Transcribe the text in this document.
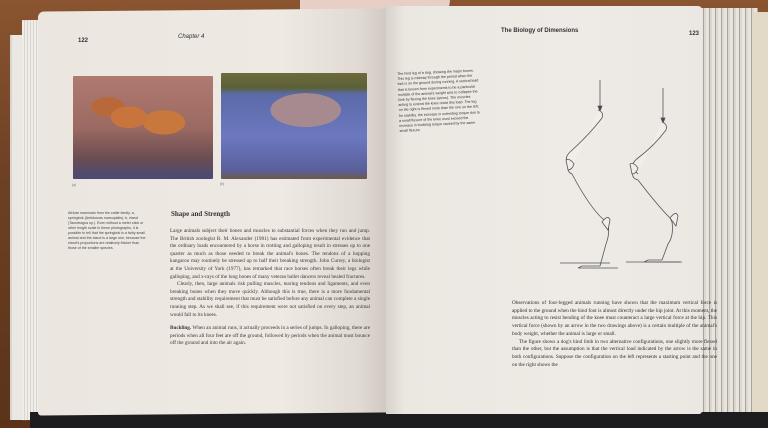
122
Chapter 4
(a)	(b)
African mammals from the cattle family: a, springbok (Antidorcas marsupialis); b, eland (Taurotragus sp.). Even without a meter stick or other length scale in these photographs, it is possible to tell that the springbok is a fairly small animal and the eland is a large one, because the eland's proportions are relatively thicker than those of the smaller species.
Shape and Strength

Large animals subject their bones and muscles to substantial forces when they run and jump. The British zoologist R. M. Alexander (1981) has estimated from experimental evidence that the ordinary loads encountered by a horse in trotting and galloping result in stresses up to one quarter as much as those needed to break the animal's bones. The tendons of a hopping kangaroo may routinely be stressed up to half their breaking strength. John Currey, a biologist at the University of York (1977), has remarked that race horses often break their legs while galloping, and x-rays of the long bones of many veteran ballet dancers reveal healed fractures.

Clearly, then, large animals risk pulling muscles, tearing tendons and ligaments, and even breaking bones when they move quickly. Although this is true, there is a more fundamental strength and stability requirement that must be satisfied before any animal can complete a single running step. As we shall see, if this requirement were not satisfied on every step, an animal would fall to its knees.

Buckling. When an animal runs, it actually proceeds in a series of jumps. In galloping, there are periods when all four feet are off the ground, followed by periods when the animal must bounce off the ground and into the air again.

The Biology of Dimensions	123
The hind leg of a dog, showing the major bones. This leg is midway through the period when the foot is on the ground during running. A vertical load that is known from experiments to be a particular multiple of the animal's weight acts to collapse the limb by flexing the knee (arrow). The muscles acting to extend the knee resist this load. The leg on the right is flexed more than the one on the left; for stability, the increase in extending torque due to a small flexure of the knee must exceed the increase in buckling torque caused by the same small flexure.

Observations of four-legged animals running have shown that the maximum vertical force is applied to the ground when the hind foot is almost directly under the hip joint. At this moment, the muscles acting to resist bending of the knee must counteract a large vertical force at the hip. This vertical force (shown by an arrow in the two drawings above) is a certain multiple of the animal's body weight, whether the animal is large or small.

The figure shows a dog's hind limb in two alternative configurations, one slightly more flexed than the other, but the assumption is that the vertical load indicated by the arrow is the same in both configurations. Suppose the configuration on the left represents a starting point and the one on the right shows the
